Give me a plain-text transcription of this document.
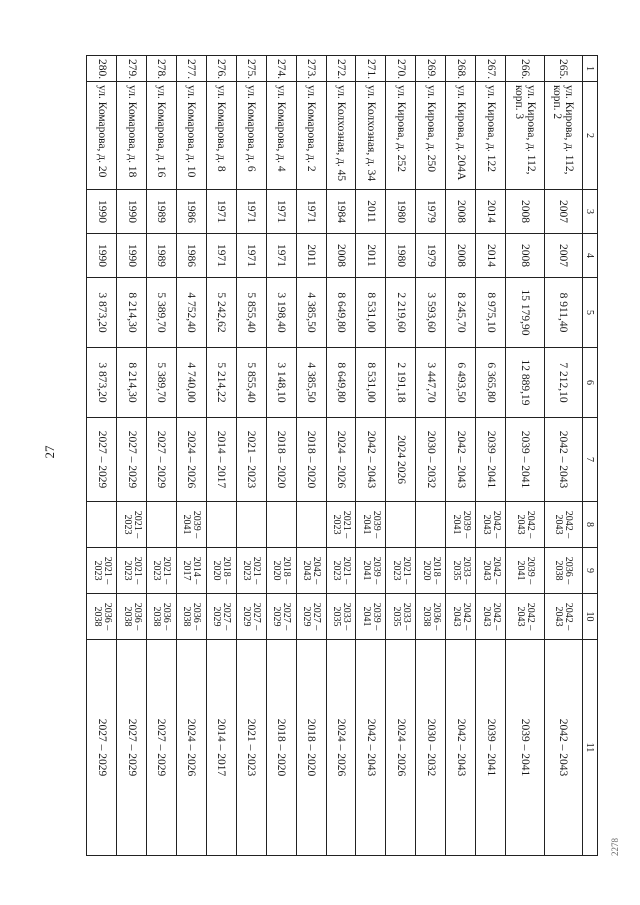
27
2278
1	2	3	4	5	6	7	8	9	10	11
265.	ул. Кирова, д. 112, корп. 2	2007	2007	8 911,40	7 212,10	2042 – 2043	2042 – 2043	2036 – 2038	2042 – 2043	2042 – 2043
266.	ул. Кирова, д. 112, корп. 3	2008	2008	15 179,90	12 889,19	2039 – 2041	2042 – 2043	2039 – 2041	2042 – 2043	2039 – 2041
267.	ул. Кирова, д. 122	2014	2014	8 975,10	6 365,80	2039 – 2041	2042 – 2043	2042 – 2043	2042 – 2043	2039 – 2041
268.	ул. Кирова, д. 204А	2008	2008	8 245,70	6 493,50	2042 – 2043	2039 – 2041	2033 – 2035	2042 – 2043	2042 – 2043
269.	ул. Кирова, д. 250	1979	1979	3 593,60	3 447,70	2030 – 2032		2018 – 2020	2036 – 2038	2030 – 2032
270.	ул. Кирова, д. 252	1980	1980	2 219,60	2 191,18	2024 2026		2021 – 2023	2033 – 2035	2024 – 2026
271.	ул. Колхозная, д. 34	2011	2011	8 531,00	8 531,00	2042 – 2043	2039 – 2041	2039 – 2041	2039 – 2041	2042 – 2043
272.	ул. Колхозная, д. 45	1984	2008	8 649,80	8 649,80	2024 – 2026	2021 – 2023	2021 – 2023	2033 – 2035	2024 – 2026
273.	ул. Комарова, д. 2	1971	2011	4 385,50	4 385,50	2018 – 2020		2042 – 2043	2027 – 2029	2018 – 2020
274.	ул. Комарова, д. 4	1971	1971	3 198,40	3 148,10	2018 – 2020		2018 – 2020	2027 – 2029	2018 – 2020
275.	ул. Комарова, д. 6	1971	1971	5 855,40	5 855,40	2021 – 2023		2021 – 2023	2027 – 2029	2021 – 2023
276.	ул. Комарова, д. 8	1971	1971	5 242,62	5 214,22	2014 – 2017		2018 – 2020	2027 – 2029	2014 – 2017
277.	ул. Комарова, д. 10	1986	1986	4 752,40	4 740,00	2024 – 2026	2039 – 2041	2014 – 2017	2036 – 2038	2024 – 2026
278.	ул. Комарова, д. 16	1989	1989	5 389,70	5 389,70	2027 – 2029		2021 – 2023	2036 – 2038	2027 – 2029
279.	ул. Комарова, д. 18	1990	1990	8 214,30	8 214,30	2027 – 2029	2021 – 2023	2021 – 2023	2036 – 2038	2027 – 2029
280.	ул. Комарова, д. 20	1990	1990	3 873,20	3 873,20	2027 – 2029		2021 – 2023	2036 – 2038	2027 – 2029
